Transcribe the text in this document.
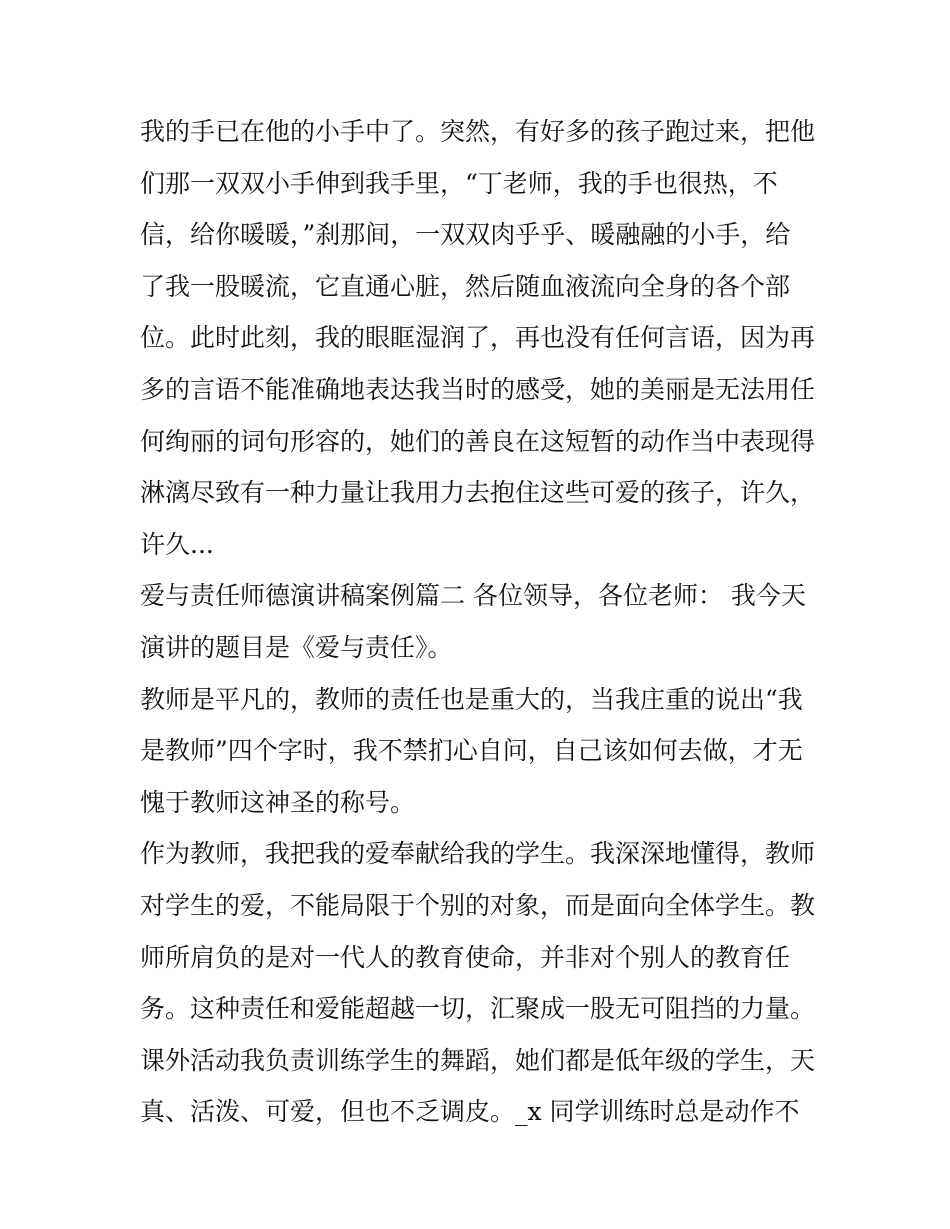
我的手已在他的小手中了。突然，有好多的孩子跑过来，把他
们那一双双小手伸到我手里，“丁老师，我的手也很热，不
信，给你暖暖，”刹那间，一双双肉乎乎、暖融融的小手，给
了我一股暖流，它直通心脏，然后随血液流向全身的各个部
位。此时此刻，我的眼眶湿润了，再也没有任何言语，因为再
多的言语不能准确地表达我当时的感受，她的美丽是无法用任
何绚丽的词句形容的，她们的善良在这短暂的动作当中表现得
淋漓尽致有一种力量让我用力去抱住这些可爱的孩子，许久，
许久...
爱与责任师德演讲稿案例篇二 各位领导，各位老师： 我今天
演讲的题目是《爱与责任》。
教师是平凡的，教师的责任也是重大的，当我庄重的说出“我
是教师”四个字时，我不禁扪心自问，自己该如何去做，才无
愧于教师这神圣的称号。
作为教师，我把我的爱奉献给我的学生。我深深地懂得，教师
对学生的爱，不能局限于个别的对象，而是面向全体学生。教
师所肩负的是对一代人的教育使命，并非对个别人的教育任
务。这种责任和爱能超越一切，汇聚成一股无可阻挡的力量。
课外活动我负责训练学生的舞蹈，她们都是低年级的学生，天
真、活泼、可爱，但也不乏调皮。_x 同学训练时总是动作不
